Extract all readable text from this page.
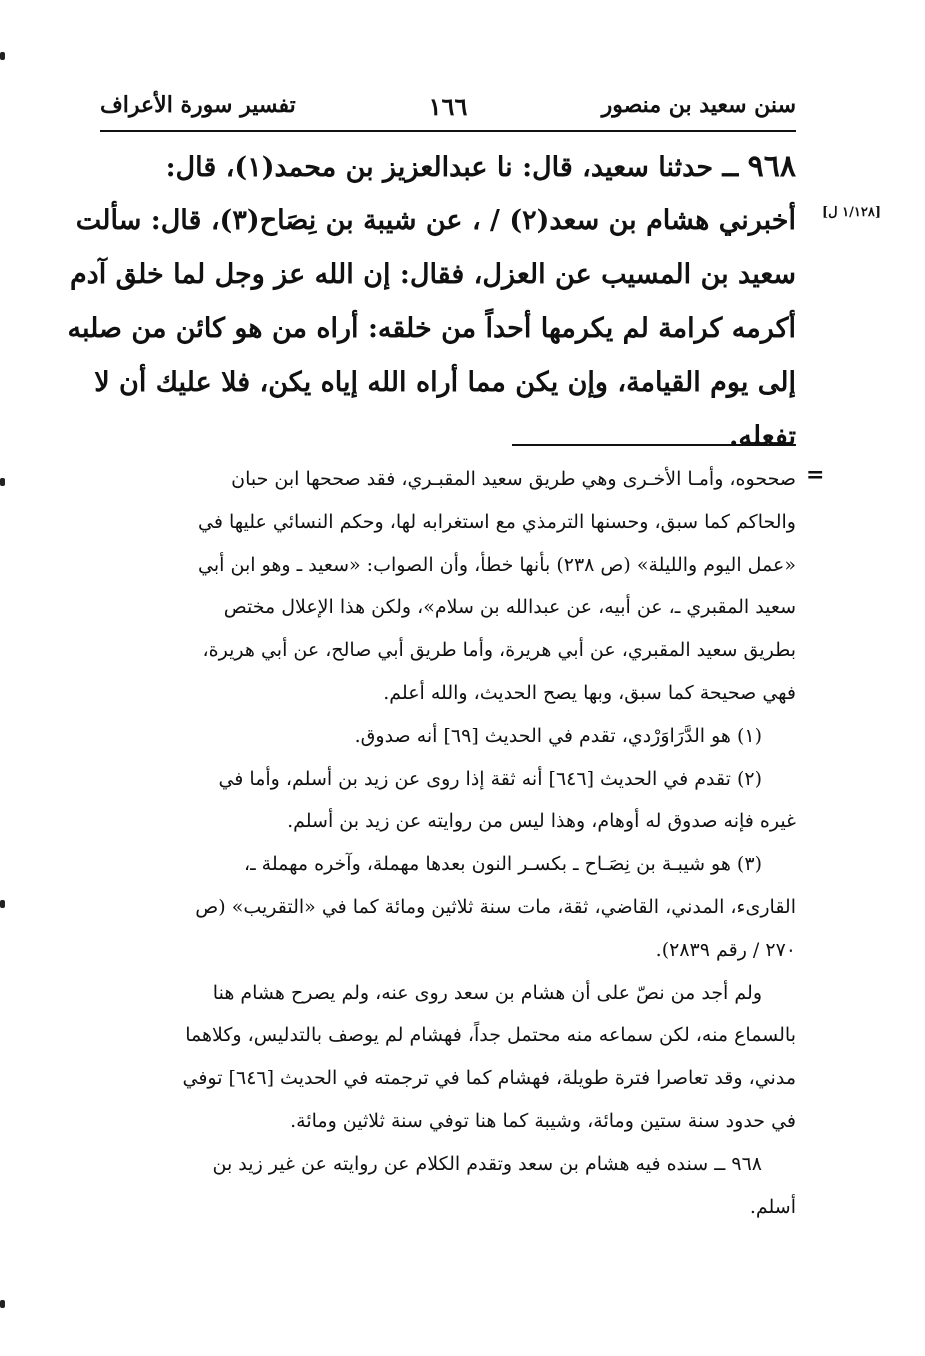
سنن سعيد بن منصور
١٦٦
تفسير سورة الأعراف
[١/١٢٨ ل]
٩٦٨ ــ حدثنا سعيد، قال: نا عبدالعزيز بن محمد(١)، قال:
أخبرني هشام بن سعد(٢) / ، عن شيبة بن نِصَاح(٣)، قال: سألت
سعيد بن المسيب عن العزل، فقال: إن الله عز وجل لما خلق آدم
أكرمه كرامة لم يكرمها أحداً من خلقه: أراه من هو كائن من صلبه
إلى يوم القيامة، وإن يكن مما أراه الله إياه يكن، فلا عليك أن لا
تفعله.
=
صححوه، وأمـا الأخـرى وهي طريق سعيد المقبـري، فقد صححها ابن حبان
والحاكم كما سبق، وحسنها الترمذي مع استغرابه لها، وحكم النسائي عليها في
«عمل اليوم والليلة» (ص ٢٣٨) بأنها خطأ، وأن الصواب: «سعيد ـ وهو ابن أبي
سعيد المقبري ـ، عن أبيه، عن عبدالله بن سلام»، ولكن هذا الإعلال مختص
بطريق سعيد المقبري، عن أبي هريرة، وأما طريق أبي صالح، عن أبي هريرة،
فهي صحيحة كما سبق، وبها يصح الحديث، والله أعلم.
(١) هو الدَّرَاوَرْدي، تقدم في الحديث [٦٩] أنه صدوق.
(٢) تقدم في الحديث [٦٤٦] أنه ثقة إذا روى عن زيد بن أسلم، وأما في
غيره فإنه صدوق له أوهام، وهذا ليس من روايته عن زيد بن أسلم.
(٣) هو شيبـة بن نِصَـاح ـ بكسـر النون بعدها مهملة، وآخره مهملة ـ،
القارىء، المدني، القاضي، ثقة، مات سنة ثلاثين ومائة كما في «التقريب» (ص
٢٧٠ / رقم ٢٨٣٩).
ولم أجد من نصّ على أن هشام بن سعد روى عنه، ولم يصرح هشام هنا
بالسماع منه، لكن سماعه منه محتمل جداً، فهشام لم يوصف بالتدليس، وكلاهما
مدني، وقد تعاصرا فترة طويلة، فهشام كما في ترجمته في الحديث [٦٤٦] توفي
في حدود سنة ستين ومائة، وشيبة كما هنا توفي سنة ثلاثين ومائة.
٩٦٨ ــ سنده فيه هشام بن سعد وتقدم الكلام عن روايته عن غير زيد بن
أسلم.
